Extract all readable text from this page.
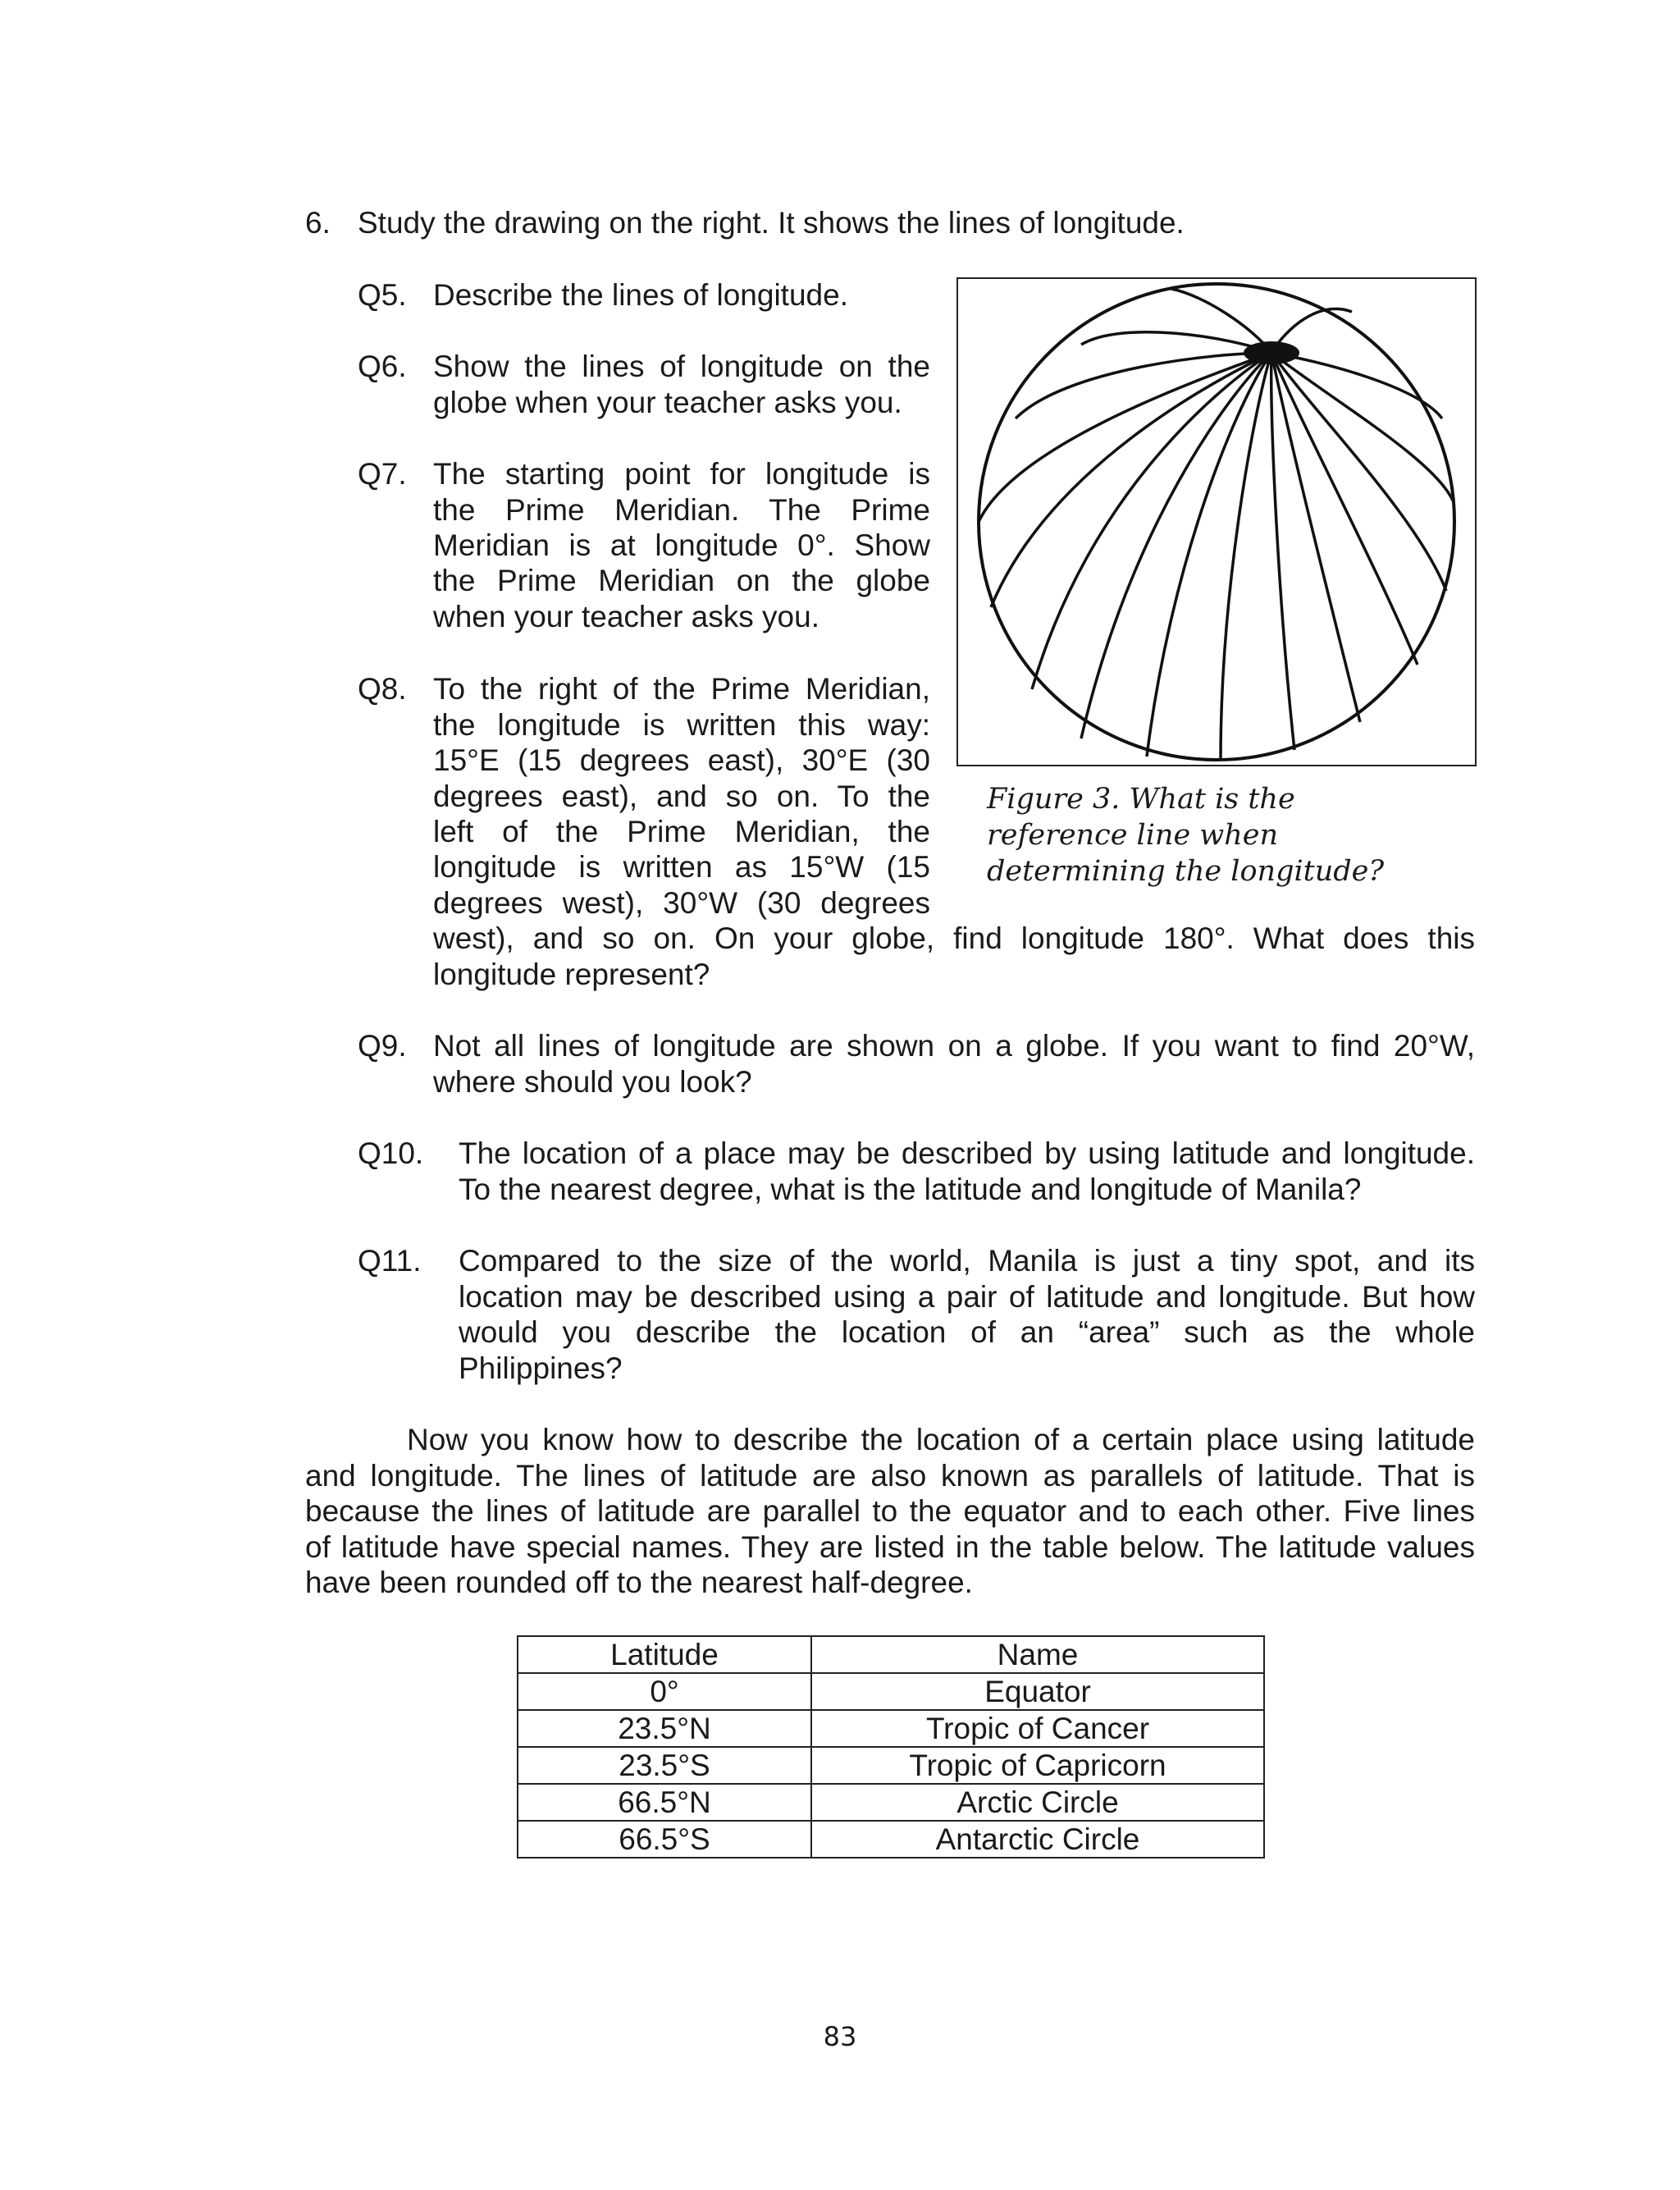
6. Study the drawing on the right. It shows the lines of longitude.
Q5. Describe the lines of longitude.
Q6. Show the lines of longitude on the
globe when your teacher asks you.
Q7. The starting point for longitude is
the Prime Meridian. The Prime
Meridian is at longitude 0°. Show
the Prime Meridian on the globe
when your teacher asks you.
Q8. To the right of the Prime Meridian,
the longitude is written this way:
15°E (15 degrees east), 30°E (30
degrees east), and so on. To the
left of the Prime Meridian, the
longitude is written as 15°W (15
degrees west), 30°W (30 degrees
west), and so on. On your globe, find longitude 180°. What does this
longitude represent?
Figure 3. What is the
reference line when
determining the longitude?
Q9. Not all lines of longitude are shown on a globe. If you want to find 20°W,
where should you look?
Q10. The location of a place may be described by using latitude and longitude.
To the nearest degree, what is the latitude and longitude of Manila?
Q11. Compared to the size of the world, Manila is just a tiny spot, and its
location may be described using a pair of latitude and longitude. But how
would you describe the location of an “area” such as the whole
Philippines?
Now you know how to describe the location of a certain place using latitude
and longitude. The lines of latitude are also known as parallels of latitude. That is
because the lines of latitude are parallel to the equator and to each other. Five lines
of latitude have special names. They are listed in the table below. The latitude values
have been rounded off to the nearest half-degree.
Latitude	Name
0°	Equator
23.5°N	Tropic of Cancer
23.5°S	Tropic of Capricorn
66.5°N	Arctic Circle
66.5°S	Antarctic Circle
83
